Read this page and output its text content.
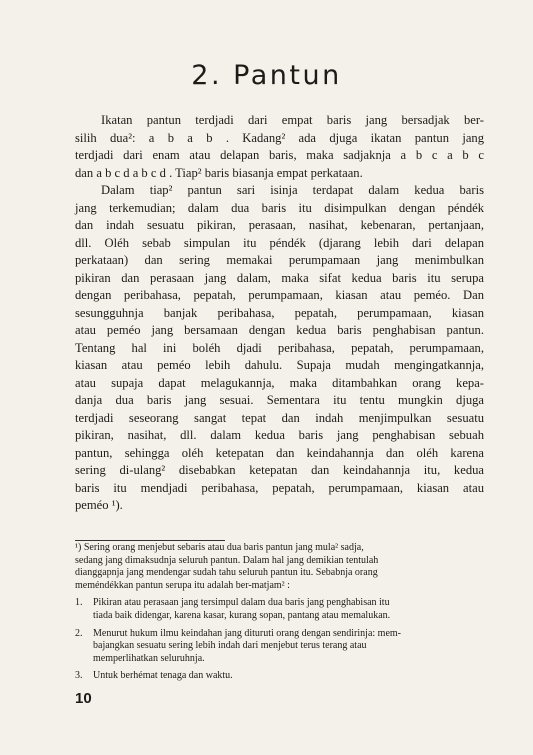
2. Pantun

Ikatan pantun terdjadi dari empat baris jang bersadjak ber-
silih dua²: a b a b . Kadang² ada djuga ikatan pantun jang
terdjadi dari enam atau delapan baris, maka sadjaknja a b c a b c
dan a b c d a b c d . Tiap² baris biasanja empat perkataan.

Dalam tiap² pantun sari isinja terdapat dalam kedua baris
jang terkemudian; dalam dua baris itu disimpulkan dengan péndék
dan indah sesuatu pikiran, perasaan, nasihat, kebenaran, pertanjaan,
dll. Oléh sebab simpulan itu péndék (djarang lebih dari delapan
perkataan) dan sering memakai perumpamaan jang menimbulkan
pikiran dan perasaan jang dalam, maka sifat kedua baris itu serupa
dengan peribahasa, pepatah, perumpamaan, kiasan atau peméo. Dan
sesungguhnja banjak peribahasa, pepatah, perumpamaan, kiasan
atau peméo jang bersamaan dengan kedua baris penghabisan pantun.
Tentang hal ini boléh djadi peribahasa, pepatah, perumpamaan,
kiasan atau peméo lebih dahulu. Supaja mudah mengingatkannja,
atau supaja dapat melagukannja, maka ditambahkan orang kepa-
danja dua baris jang sesuai. Sementara itu tentu mungkin djuga
terdjadi seseorang sangat tepat dan indah menjimpulkan sesuatu
pikiran, nasihat, dll. dalam kedua baris jang penghabisan sebuah
pantun, sehingga oléh ketepatan dan keindahannja dan oléh karena
sering di-ulang² disebabkan ketepatan dan keindahannja itu, kedua
baris itu mendjadi peribahasa, pepatah, perumpamaan, kiasan atau
peméo ¹).

¹) Sering orang menjebut sebaris atau dua baris pantun jang mula² sadja,
sedang jang dimaksudnja seluruh pantun. Dalam hal jang demikian tentulah
dianggapnja jang mendengar sudah tahu seluruh pantun itu. Sebabnja orang
meméndékkan pantun serupa itu adalah ber-matjam² :
1.	Pikiran atau perasaan jang tersimpul dalam dua baris jang penghabisan itu
tiada baik didengar, karena kasar, kurang sopan, pantang atau memalukan.
2.	Menurut hukum ilmu keindahan jang dituruti orang dengan sendirinja: mem-
bajangkan sesuatu sering lebih indah dari menjebut terus terang atau
memperlihatkan seluruhnja.
3.	Untuk berhémat tenaga dan waktu.
10
